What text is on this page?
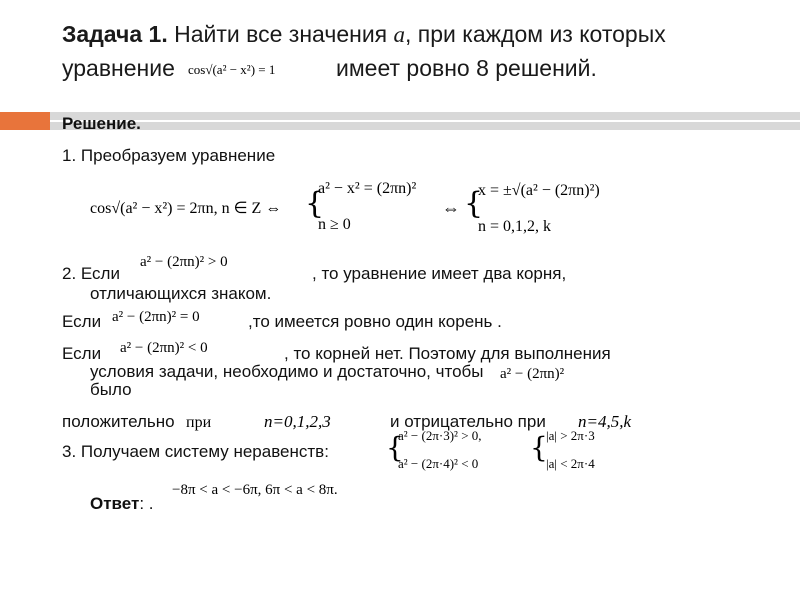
Задача 1. Найти все значения a, при каждом из которых
уравнение cos√(a² − x²) = 1	имеет ровно 8 решений.
Решение.
1. Преобразуем уравнение
cos√(a² − x²) = 2πn, n ∈ Z ⇔ {
a² − x² = (2πn)²
n ≥ 0
⇔ {
x = ±√(a² − (2πn)²)
n = 0,1,2, k
2. Если
a² − (2πn)² > 0
, то уравнение имеет два корня,
отличающихся знаком.
Если a² − (2πn)² = 0	,то имеется ровно один корень .
Если a² − (2πn)² < 0	, то корней нет. Поэтому для выполнения
условия задачи, необходимо и достаточно, чтобы a² − (2πn)²
было
положительно при	n=0,1,2,3	и отрицательно при n=4,5,k
3. Получаем систему неравенств: {
a² − (2π·3)² > 0,
a² − (2π·4)² < 0 {
|a| > 2π·3
|a| < 2π·4
Ответ: .
−8π < a < −6π, 6π < a < 8π.
